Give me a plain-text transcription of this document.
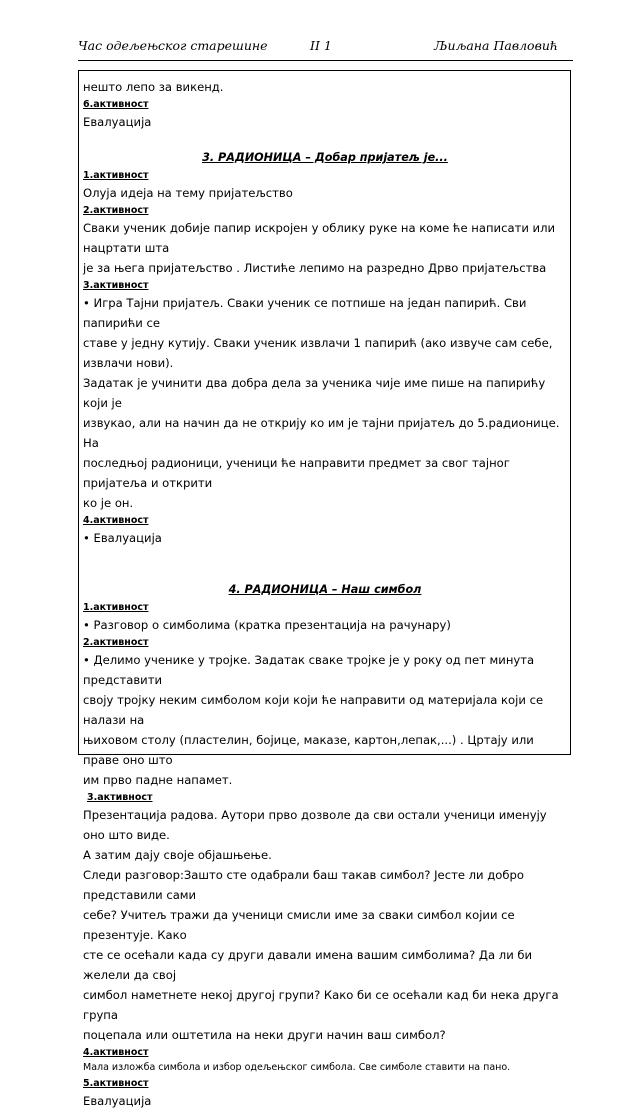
Час одељењског старешине	II 1	Љиљана Павловић

нешто лепо за викенд.

6.активност

Евалуација

3. РАДИОНИЦА – Добар пријатељ је...

1.активност

Олуја идеја на тему пријатељство

2.активност

Сваки ученик добије папир искројен у облику руке на коме ће написати или нацртати шта

је за њега пријатељство . Листиће лепимо на разредно Дрво пријатељства

3.активност

• Игра Тајни пријатељ. Сваки ученик се потпише на један папирић. Сви папирићи се

ставе у једну кутију. Сваки ученик извлачи 1 папирић (ако извуче сам себе, извлачи нови).

Задатак је учинити два добра дела за ученика чије име пише на папирићу који је

извукао, али на начин да не открију ко им је тајни пријатељ до 5.радионице. На

последњој радионици, ученици ће направити предмет за свог тајног пријатеља и открити

ко је он.

4.активност

• Евалуација

4. РАДИОНИЦА – Наш симбол

1.активност

• Разговор о симболима (кратка презентација на рачунару)

2.активност

• Делимо ученике у тројке. Задатак сваке тројке је у року од пет минута представити

своју тројку неким симболом који који ће направити од материјала који се налази на

њиховом столу (пластелин, бојице, маказе, картон,лепак,...) . Цртају или праве оно што

им прво падне напамет.

3.активност

Презентација радова. Аутори прво дозволе да сви остали ученици именују оно што виде.

А затим дају своје објашњење.

Следи разговор:Зашто сте одабрали баш такав симбол? Јесте ли добро представили сами

себе? Учитељ тражи да ученици смисли име за сваки симбол којии се презентује. Како

сте се осећали када су други давали имена вашим симболима? Да ли би желели да свој

симбол наметнете некој другој групи? Како би се осећали кад би нека друга група

поцепала или оштетила на неки други начин ваш симбол?

4.активност

Мала изложба симбола и избор одељењског симбола. Све симболе ставити на пано.

5.активност

Евалуација
